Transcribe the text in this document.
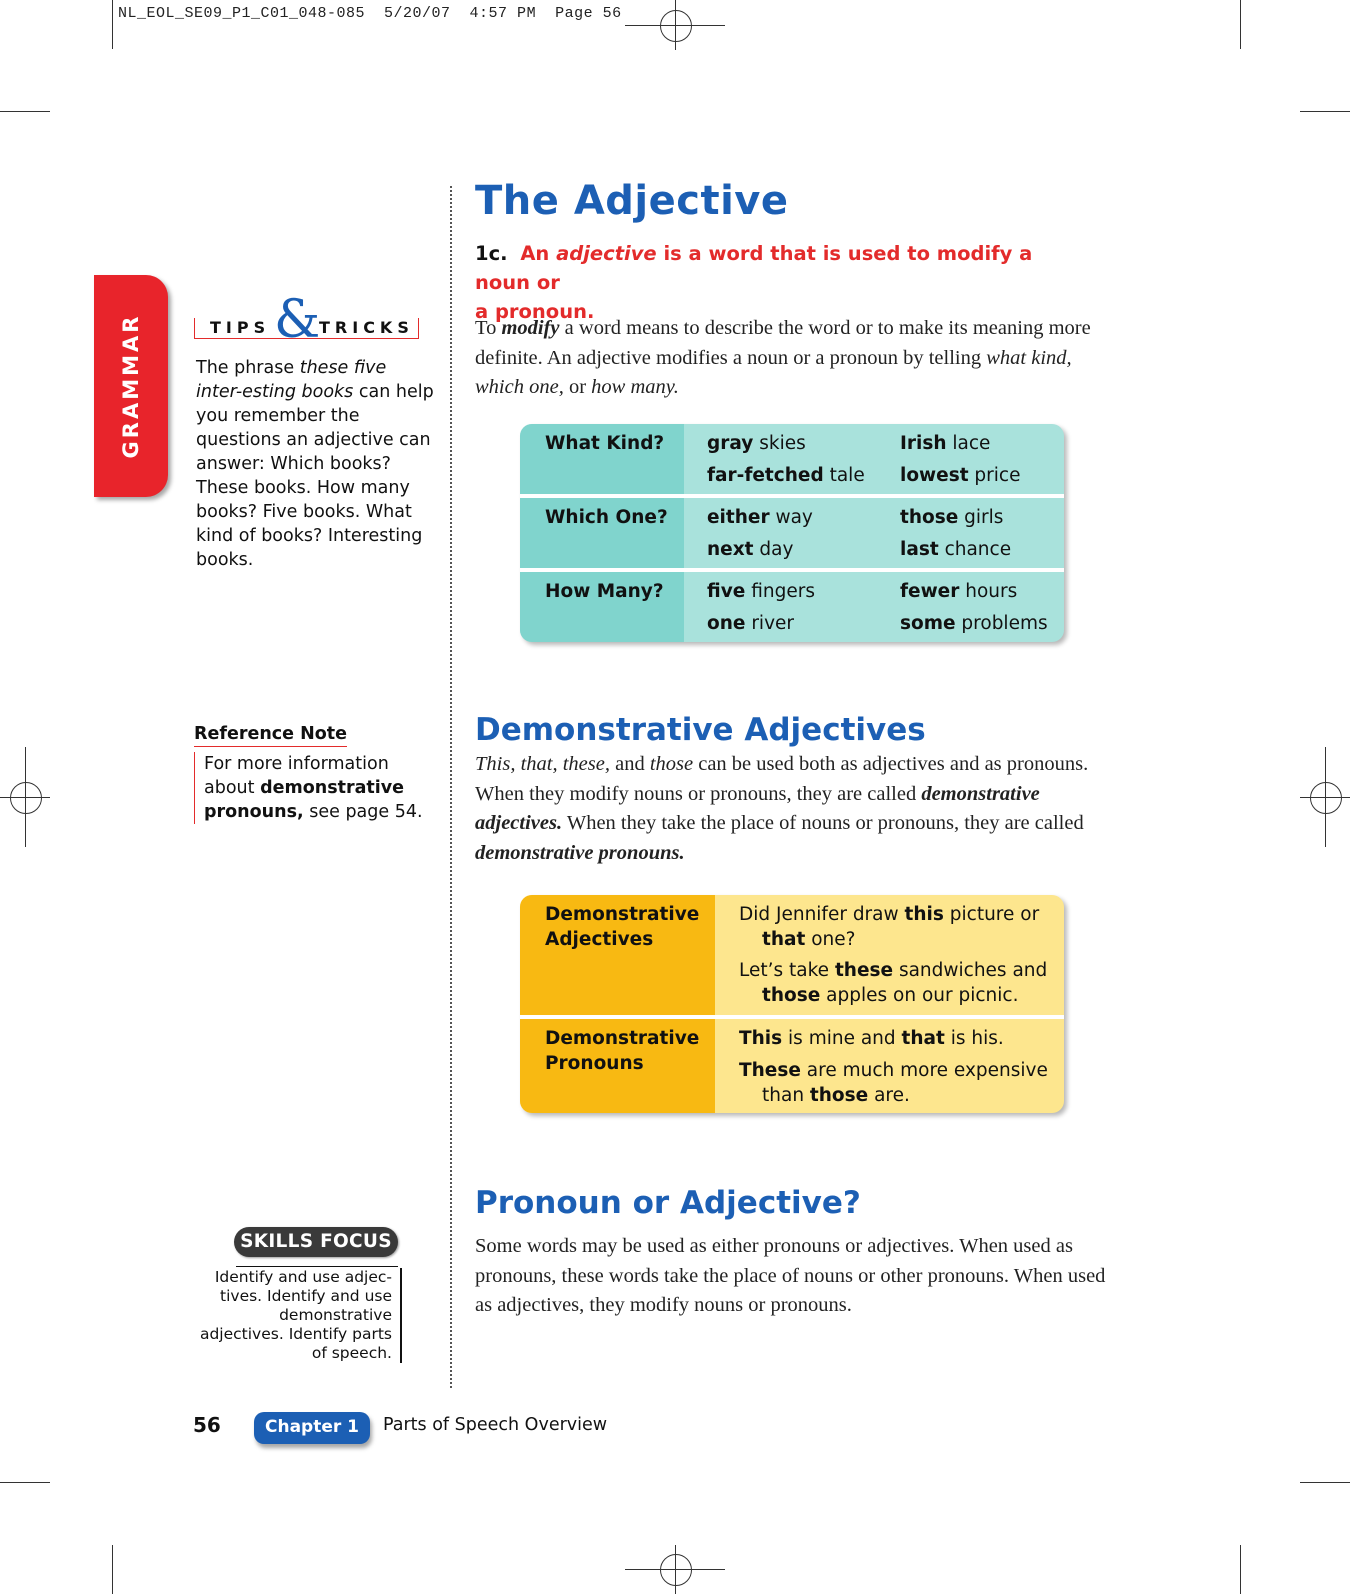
NL_EOL_SE09_P1_C01_048-085  5/20/07  4:57 PM  Page 56
GRAMMAR
The Adjective
1c. An adjective is a word that is used to modify a noun or
a pronoun.
To modify a word means to describe the word or to make its meaning more definite. An adjective modifies a noun or a pronoun by telling what kind, which one, or how many.
TIPS &
TRICKS
The phrase these five inter-esting books can help you remember the questions an adjective can answer: Which books? These books. How many books? Five books. What kind of books? Interesting books.
What Kind? gray skies
far-fetched tale
Irish lace
lowest price
Which One? either way
next day
those girls
last chance
How Many? five fingers
one river
fewer hours
some problems
Demonstrative Adjectives
This, that, these, and those can be used both as adjectives and as pronouns. When they modify nouns or pronouns, they are called demonstrative adjectives. When they take the place of nouns or pronouns, they are called demonstrative pronouns.
Reference Note
For more information about demonstrative pronouns, see page 54.
Demonstrative Adjectives
Demonstrative Pronouns
Did Jennifer draw this picture or that one?
Let’s take these sandwiches and those apples on our picnic.
This is mine and that is his.
These are much more expensive than those are.
Pronoun or Adjective?
Some words may be used as either pronouns or adjectives. When used as pronouns, these words take the place of nouns or other pronouns. When used as adjectives, they modify nouns or pronouns.
SKILLS FOCUS
Identify and use adjec-tives. Identify and use demonstrative adjectives. Identify parts of speech.
56	Chapter 1	Parts of Speech Overview
